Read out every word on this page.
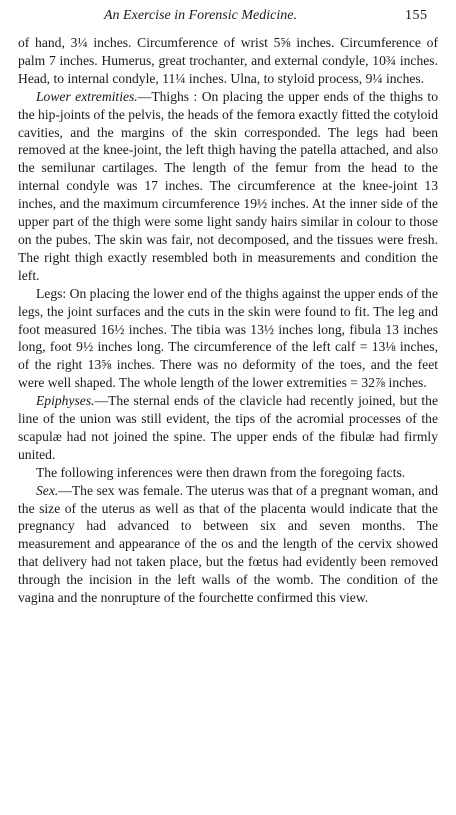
An Exercise in Forensic Medicine.	155

of hand, 3¼ inches. Circumference of wrist 5⅝ inches. Circumference of palm 7 inches. Humerus, great trochanter, and external condyle, 10¾ inches. Head, to internal condyle, 11¼ inches. Ulna, to styloid process, 9¼ inches.

Lower extremities.—Thighs : On placing the upper ends of the thighs to the hip-joints of the pelvis, the heads of the femora exactly fitted the cotyloid cavities, and the margins of the skin corresponded. The legs had been removed at the knee-joint, the left thigh having the patella attached, and also the semilunar cartilages. The length of the femur from the head to the internal condyle was 17 inches. The circumference at the knee-joint 13 inches, and the maximum circumference 19½ inches. At the inner side of the upper part of the thigh were some light sandy hairs similar in colour to those on the pubes. The skin was fair, not decomposed, and the tissues were fresh. The right thigh exactly resembled both in measurements and condition the left.

Legs: On placing the lower end of the thighs against the upper ends of the legs, the joint surfaces and the cuts in the skin were found to fit. The leg and foot measured 16½ inches. The tibia was 13½ inches long, fibula 13 inches long, foot 9½ inches long. The circumference of the left calf = 13⅛ inches, of the right 13⅝ inches. There was no deformity of the toes, and the feet were well shaped. The whole length of the lower extremities = 32⅞ inches.

Epiphyses.—The sternal ends of the clavicle had recently joined, but the line of the union was still evident, the tips of the acromial processes of the scapulæ had not joined the spine. The upper ends of the fibulæ had firmly united.

The following inferences were then drawn from the foregoing facts.

Sex.—The sex was female. The uterus was that of a pregnant woman, and the size of the uterus as well as that of the placenta would indicate that the pregnancy had advanced to between six and seven months. The measurement and appearance of the os and the length of the cervix showed that delivery had not taken place, but the fœtus had evidently been removed through the incision in the left walls of the womb. The condition of the vagina and the nonrupture of the fourchette confirmed this view.
